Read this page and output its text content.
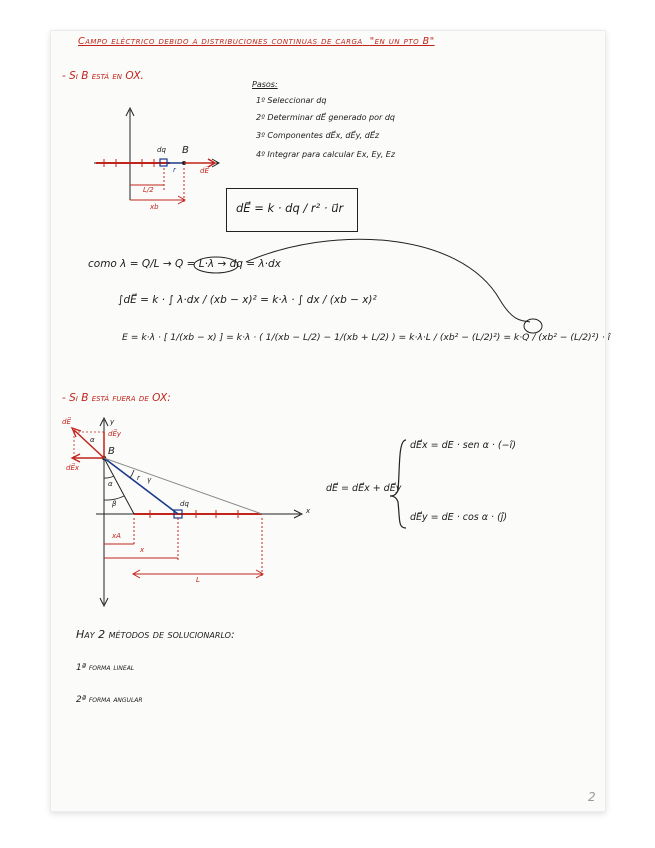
Campo eléctrico debido a distribuciones continuas de carga "en un pto B"
- Si B está en OX.
Pasos:
1º Seleccionar dq
2º Determinar dE⃗ generado por dq
3º Componentes dE⃗x, dE⃗y, dE⃗z
4º Integrar para calcular Ex, Ey, Ez
dq B
r	dE⃗
L/2
xb	dE⃗ = k · dq / r² · u⃗r
como λ = Q/L → Q = L·λ → dq = λ·dx
∫dE⃗ = k · ∫ λ·dx / (xb − x)² = k·λ · ∫ dx / (xb − x)²
E = k·λ · [ 1/(xb − x) ] = k·λ · ( 1/(xb − L/2) − 1/(xb + L/2) ) = k·λ·L / (xb² − (L/2)²) = k·Q / (xb² − (L/2)²) · î
- Si B está fuera de OX:
dE⃗
dE⃗y
dE⃗x
α
B
y
x
r γ
α
β	dq
xA
x
L
dE⃗ = dE⃗x + dE⃗y
dE⃗x = dE · sen α · (−î)
dE⃗y = dE · cos α · (ĵ)
Hay 2 métodos de solucionarlo:
1ª forma lineal
2ª forma angular
2
